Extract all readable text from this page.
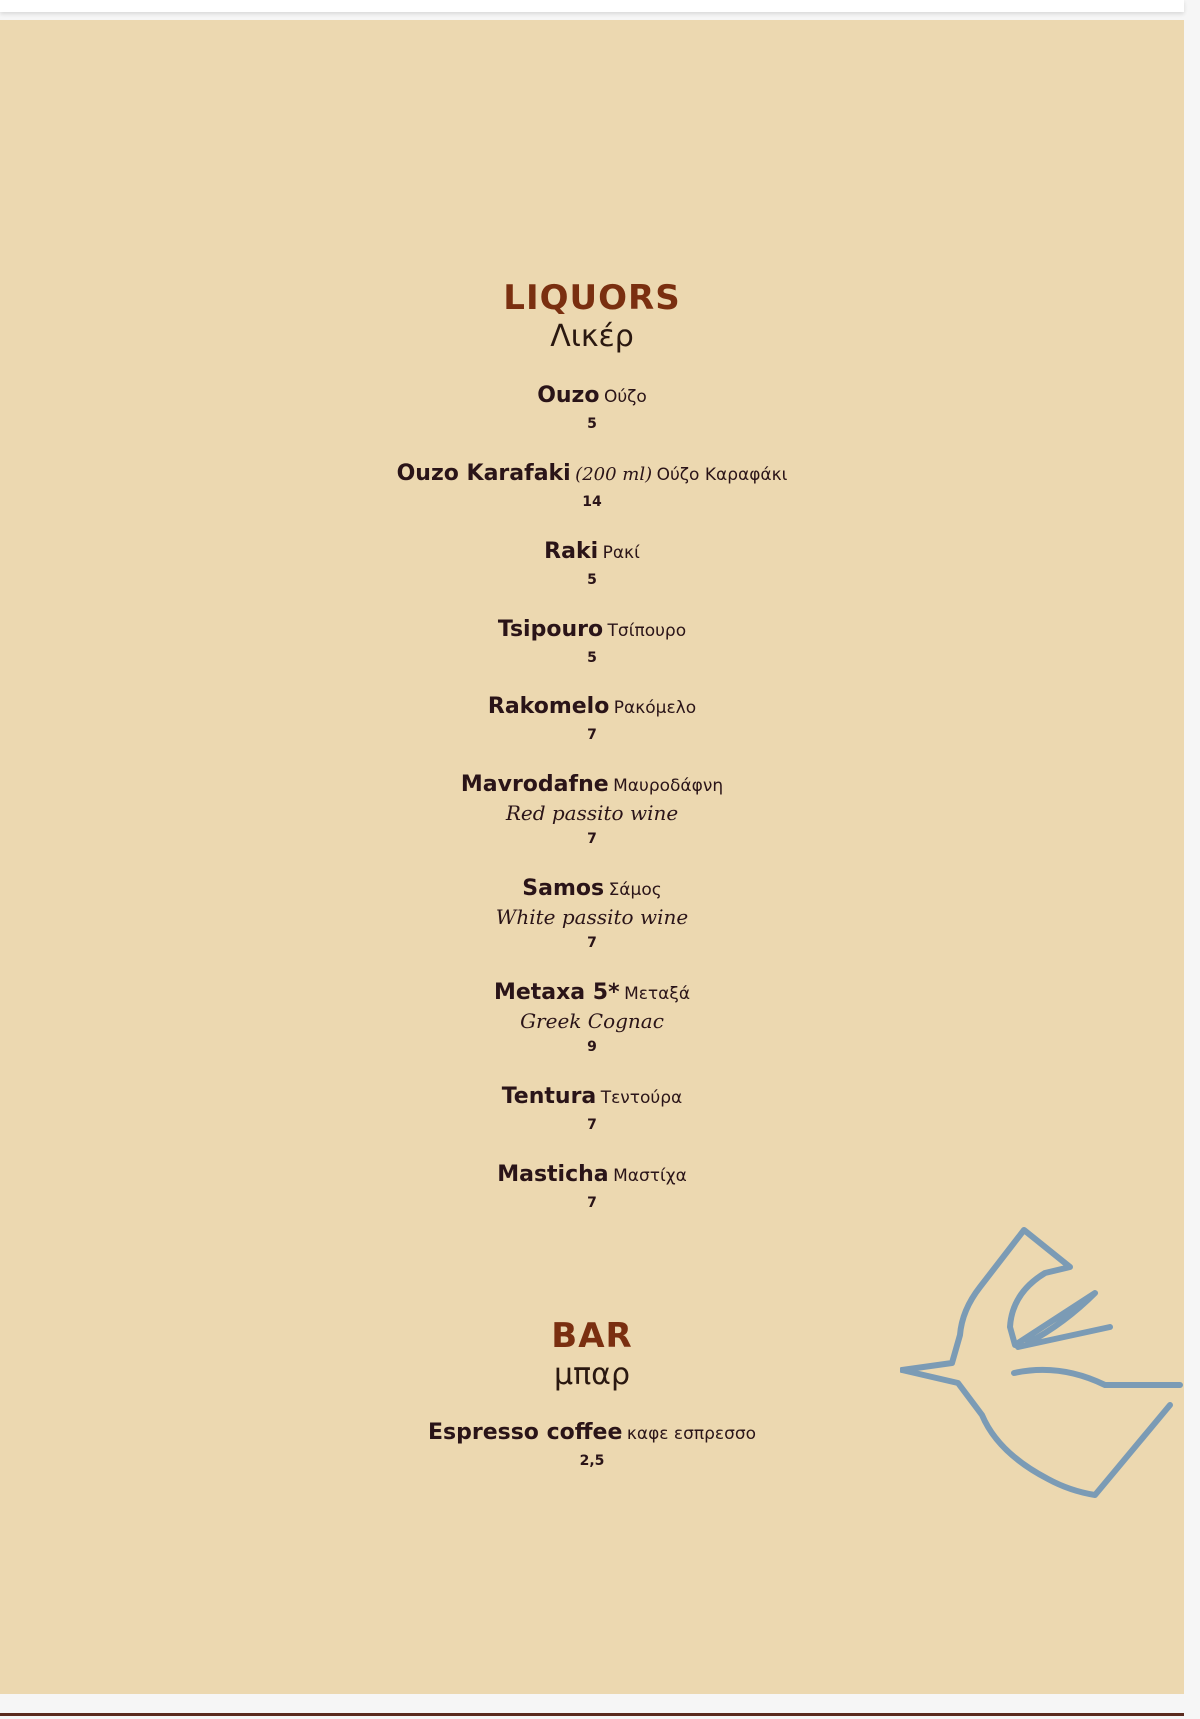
LIQUORS
Λικέρ
BAR
μπαρ
Ouzo Ούζο
5
Ouzo Karafaki (200 ml) Ούζο Καραφάκι
14
Raki Ρακί
5
Tsipouro Τσίπουρο
5
Rakomelo Ρακόμελο
7
Mavrodafne Μαυροδάφνη
Red passito wine
7
Samos Σάμος
White passito wine
7
Metaxa 5* Μεταξά
Greek Cognac
9
Tentura Τεντούρα
7
Masticha Μαστίχα
7
Espresso coffee καφε εσπρεσσο
2,5
